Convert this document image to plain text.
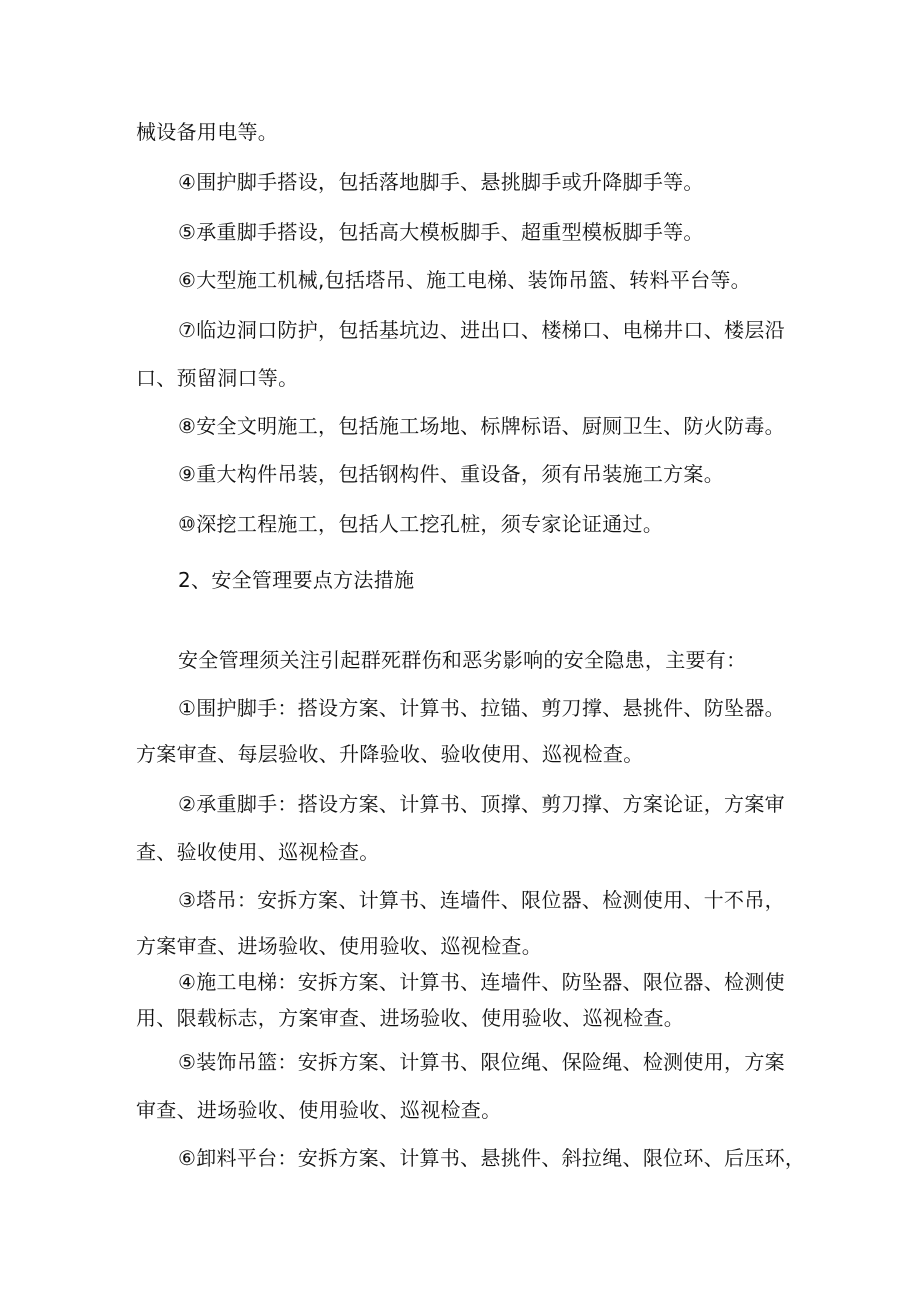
械设备用电等。
④围护脚手搭设，包括落地脚手、悬挑脚手或升降脚手等。
⑤承重脚手搭设，包括高大模板脚手、超重型模板脚手等。
⑥大型施工机械,包括塔吊、施工电梯、装饰吊篮、转料平台等。
⑦临边洞口防护，包括基坑边、进出口、楼梯口、电梯井口、楼层沿
口、预留洞口等。
⑧安全文明施工，包括施工场地、标牌标语、厨厕卫生、防火防毒。
⑨重大构件吊装，包括钢构件、重设备，须有吊装施工方案。
⑩深挖工程施工，包括人工挖孔桩，须专家论证通过。
2、安全管理要点方法措施
安全管理须关注引起群死群伤和恶劣影响的安全隐患，主要有：
①围护脚手：搭设方案、计算书、拉锚、剪刀撑、悬挑件、防坠器。
方案审查、每层验收、升降验收、验收使用、巡视检查。
②承重脚手：搭设方案、计算书、顶撑、剪刀撑、方案论证，方案审
查、验收使用、巡视检查。
③塔吊：安拆方案、计算书、连墙件、限位器、检测使用、十不吊，
方案审查、进场验收、使用验收、巡视检查。
④施工电梯：安拆方案、计算书、连墙件、防坠器、限位器、检测使
用、限载标志，方案审查、进场验收、使用验收、巡视检查。
⑤装饰吊篮：安拆方案、计算书、限位绳、保险绳、检测使用，方案
审查、进场验收、使用验收、巡视检查。
⑥卸料平台：安拆方案、计算书、悬挑件、斜拉绳、限位环、后压环，
